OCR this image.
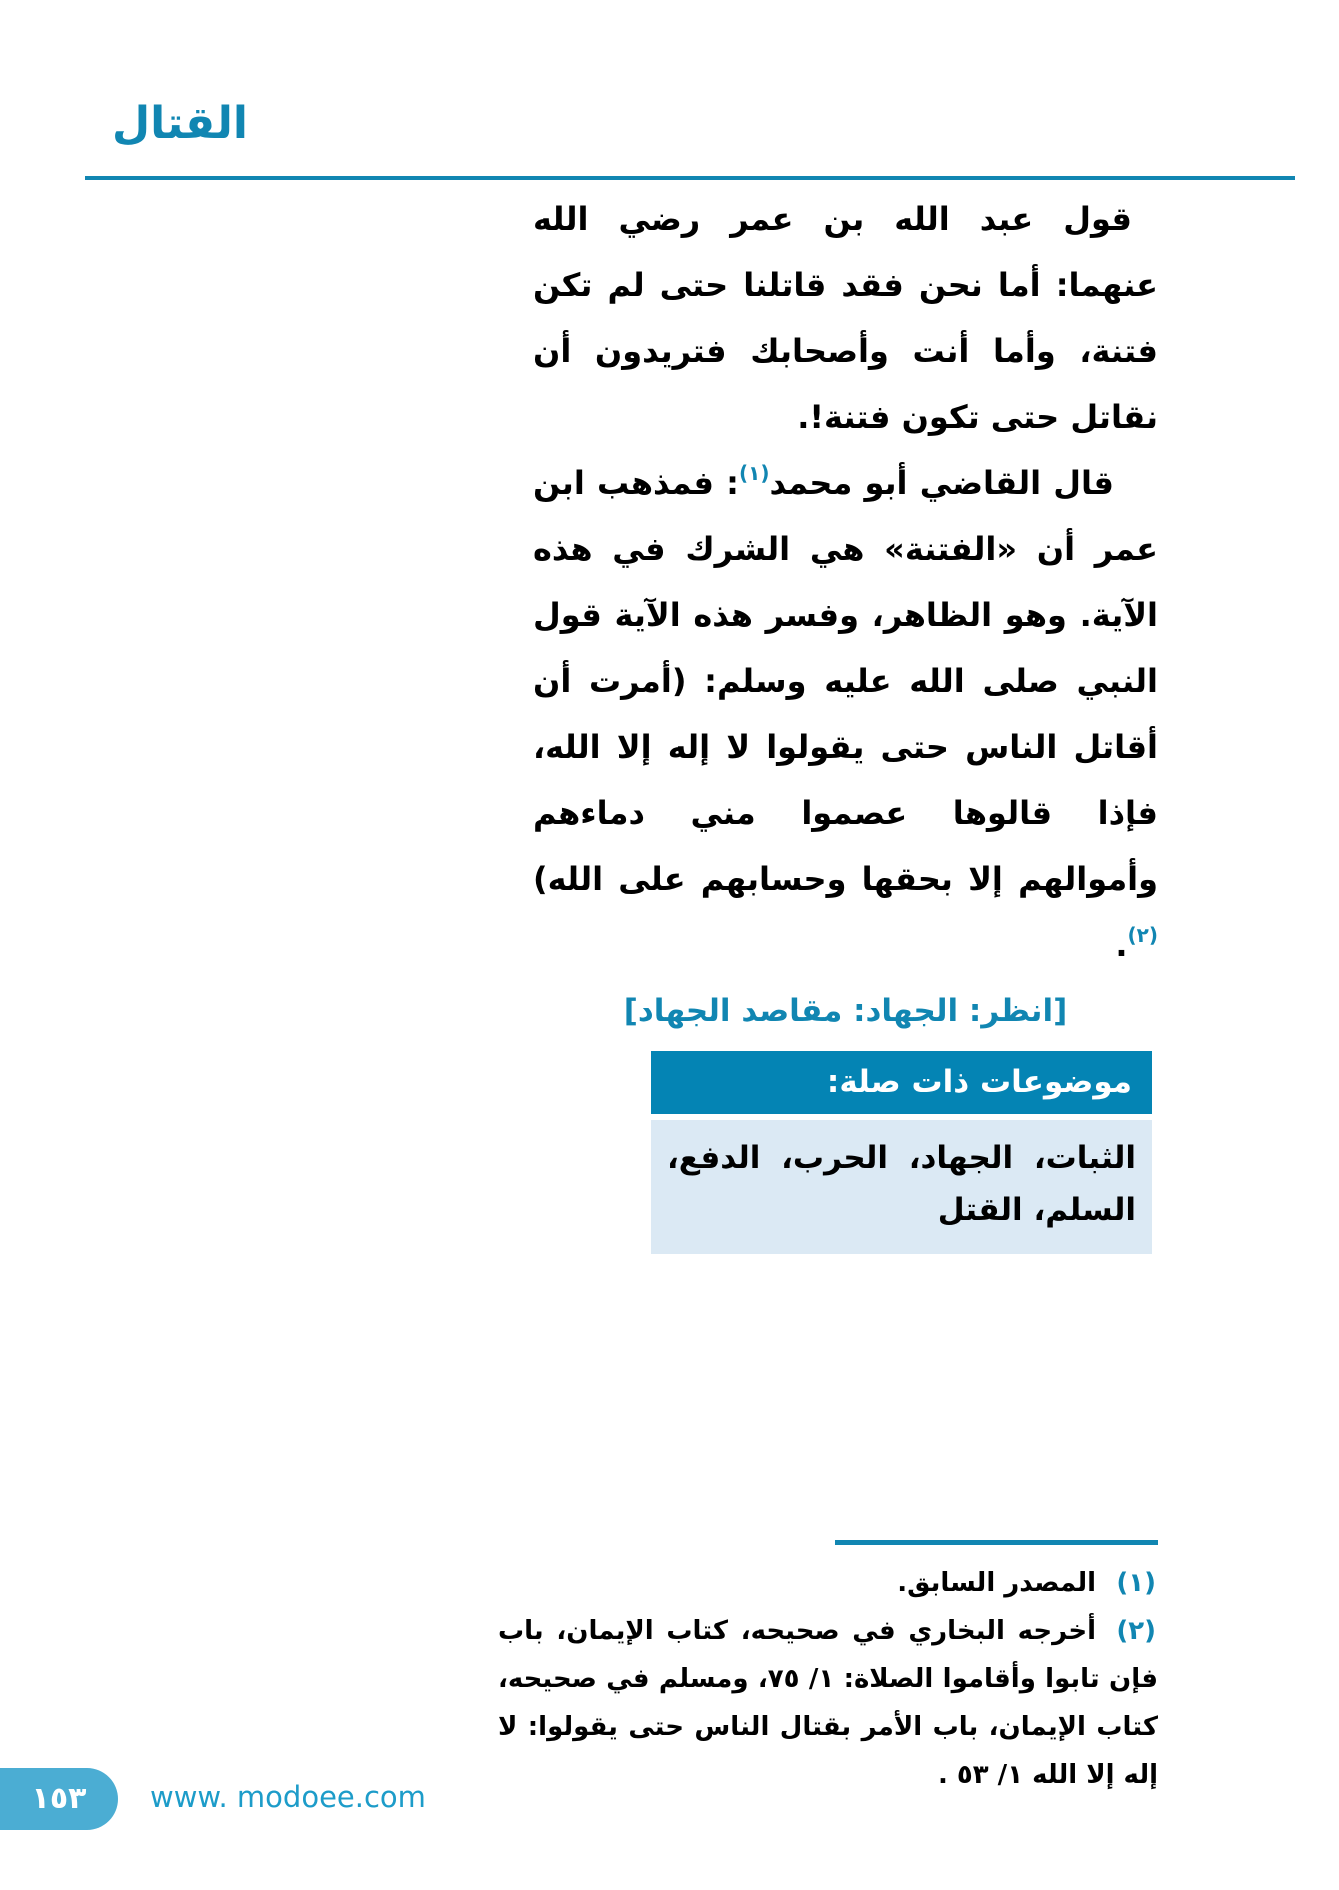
القتال

قول عبد الله بن عمر رضي الله عنهما: أما نحن فقد قاتلنا حتى لم تكن فتنة، وأما أنت وأصحابك فتريدون أن نقاتل حتى تكون فتنة!.

قال القاضي أبو محمد$^{(١)}$: فمذهب ابن عمر أن «الفتنة» هي الشرك في هذه الآية. وهو الظاهر، وفسر هذه الآية قول النبي صلى الله عليه وسلم: (أمرت أن أقاتل الناس حتى يقولوا لا إله إلا الله، فإذا قالوها عصموا مني دماءهم وأموالهم إلا بحقها وحسابهم على الله)$^{(٢)}$.

[انظر: الجهاد: مقاصد الجهاد]

موضوعات ذات صلة:
الثبات، الجهاد، الحرب، الدفع، السلم، القتل
(١)
المصدر السابق.
(٢)
أخرجه البخاري في صحيحه، كتاب الإيمان، باب فإن تابوا وأقاموا الصلاة: ١/ ٧٥، ومسلم في صحيحه، كتاب الإيمان، باب الأمر بقتال الناس حتى يقولوا: لا إله إلا الله ١/ ٥٣ .
١٥٣	www. modoee.com
